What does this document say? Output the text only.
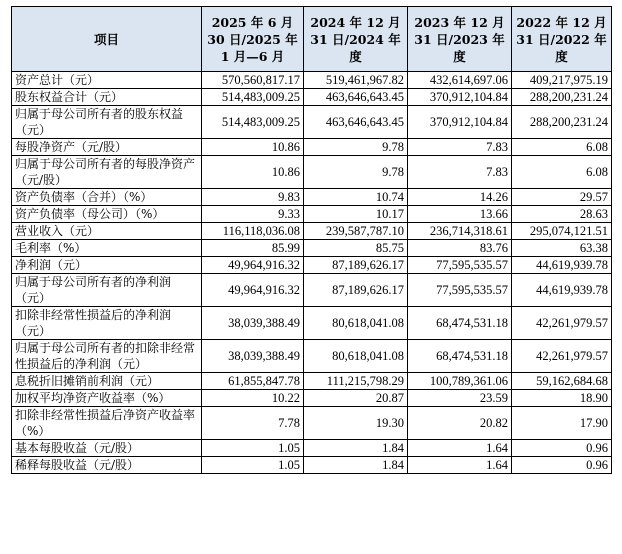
项目	2025 年 6 月 30 日/2025 年 1 月—6 月	2024 年 12 月 31 日/2024 年度	2023 年 12 月 31 日/2023 年度	2022 年 12 月 31 日/2022 年度
资产总计（元）	570,560,817.17	519,461,967.82	432,614,697.06	409,217,975.19
股东权益合计（元）	514,483,009.25	463,646,643.45	370,912,104.84	288,200,231.24
归属于母公司所有者的股东权益（元）	514,483,009.25	463,646,643.45	370,912,104.84	288,200,231.24
每股净资产（元/股）	10.86	9.78	7.83	6.08
归属于母公司所有者的每股净资产（元/股）	10.86	9.78	7.83	6.08
资产负债率（合并）（%）	9.83	10.74	14.26	29.57
资产负债率（母公司）（%）	9.33	10.17	13.66	28.63
营业收入（元）	116,118,036.08	239,587,787.10	236,714,318.61	295,074,121.51
毛利率（%）	85.99	85.75	83.76	63.38
净利润（元）	49,964,916.32	87,189,626.17	77,595,535.57	44,619,939.78
归属于母公司所有者的净利润（元）	49,964,916.32	87,189,626.17	77,595,535.57	44,619,939.78
扣除非经常性损益后的净利润（元）	38,039,388.49	80,618,041.08	68,474,531.18	42,261,979.57
归属于母公司所有者的扣除非经常性损益后的净利润（元）	38,039,388.49	80,618,041.08	68,474,531.18	42,261,979.57
息税折旧摊销前利润（元）	61,855,847.78	111,215,798.29	100,789,361.06	59,162,684.68
加权平均净资产收益率（%）	10.22	20.87	23.59	18.90
扣除非经常性损益后净资产收益率（%）	7.78	19.30	20.82	17.90
基本每股收益（元/股）	1.05	1.84	1.64	0.96
稀释每股收益（元/股）	1.05	1.84	1.64	0.96
